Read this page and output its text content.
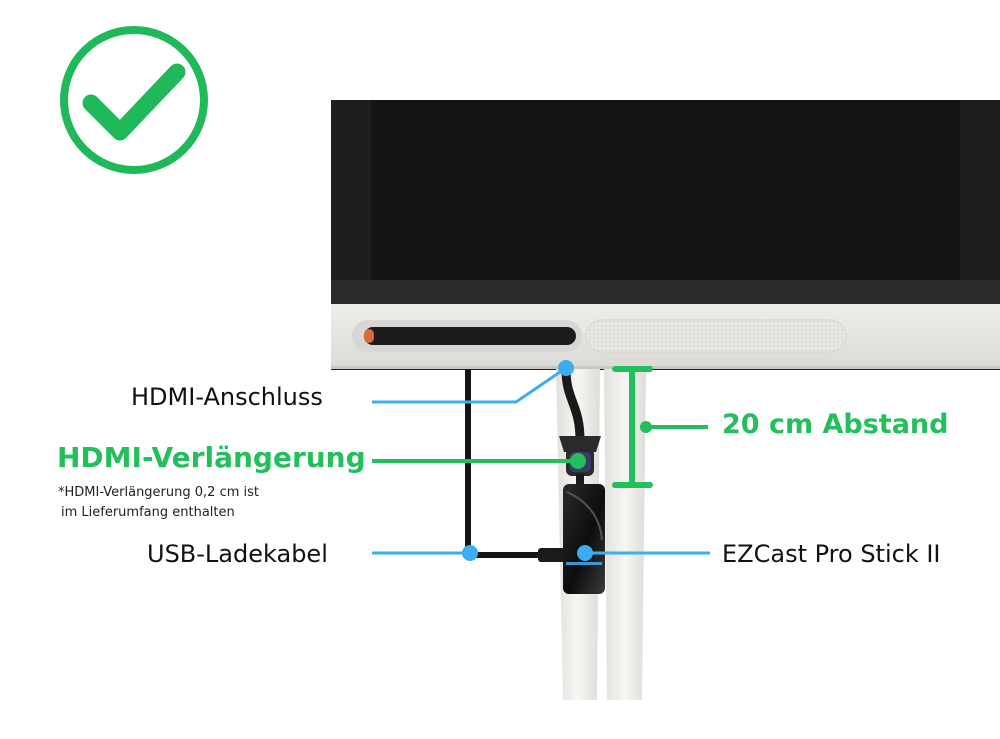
HDMI-Anschluss
HDMI-Verlängerung
*HDMI-Verlängerung 0,2 cm ist
im Lieferumfang enthalten
USB-Ladekabel
20 cm Abstand
EZCast Pro Stick II
